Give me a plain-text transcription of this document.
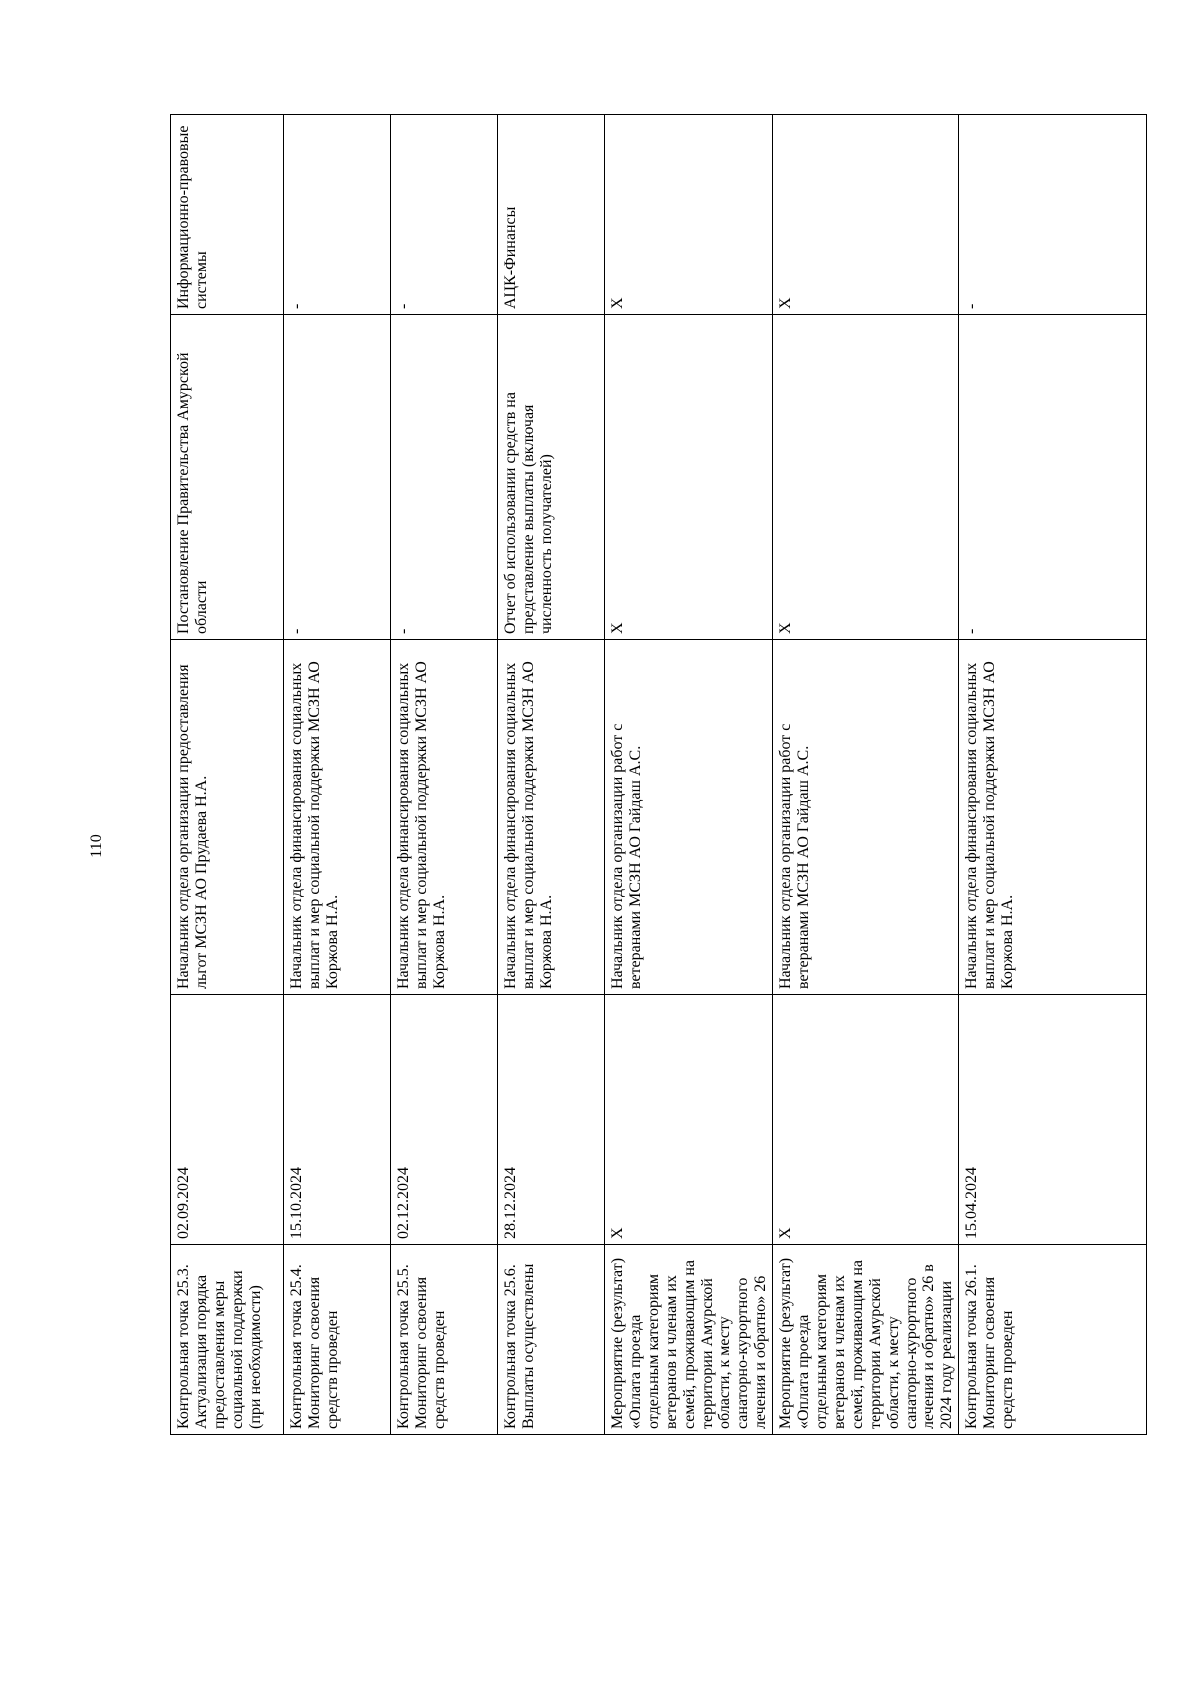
110
Контрольная точка 25.3. Актуализация порядка предоставления меры социальной поддержки (при необходимости)	02.09.2024	Начальник отдела организации предоставления льгот МСЗН АО Прудаева Н.А.	Постановление Правительства Амурской области	Информационно-правовые системы
Контрольная точка 25.4. Мониторинг освоения средств проведен	15.10.2024	Начальник отдела финансирования социальных выплат и мер социальной поддержки МСЗН АО Коржова Н.А.	-	-
Контрольная точка 25.5. Мониторинг освоения средств проведен	02.12.2024	Начальник отдела финансирования социальных выплат и мер социальной поддержки МСЗН АО Коржова Н.А.	-	-
Контрольная точка 25.6. Выплаты осуществлены	28.12.2024	Начальник отдела финансирования социальных выплат и мер социальной поддержки МСЗН АО Коржова Н.А.	Отчет об использовании средств на представление выплаты (включая численность получателей)	АЦК-Финансы
Мероприятие (результат) «Оплата проезда отдельным категориям ветеранов и членам их семей, проживающим на территории Амурской области, к месту санаторно-курортного лечения и обратно» 26	X	Начальник отдела организации работ с ветеранами МСЗН АО Гайдаш А.С.	X	X
Мероприятие (результат) «Оплата проезда отдельным категориям ветеранов и членам их семей, проживающим на территории Амурской области, к месту санаторно-курортного лечения и обратно» 26 в 2024 году реализации	X	Начальник отдела организации работ с ветеранами МСЗН АО Гайдаш А.С.	X	X
Контрольная точка 26.1. Мониторинг освоения средств проведен	15.04.2024	Начальник отдела финансирования социальных выплат и мер социальной поддержки МСЗН АО Коржова Н.А.	-	-
